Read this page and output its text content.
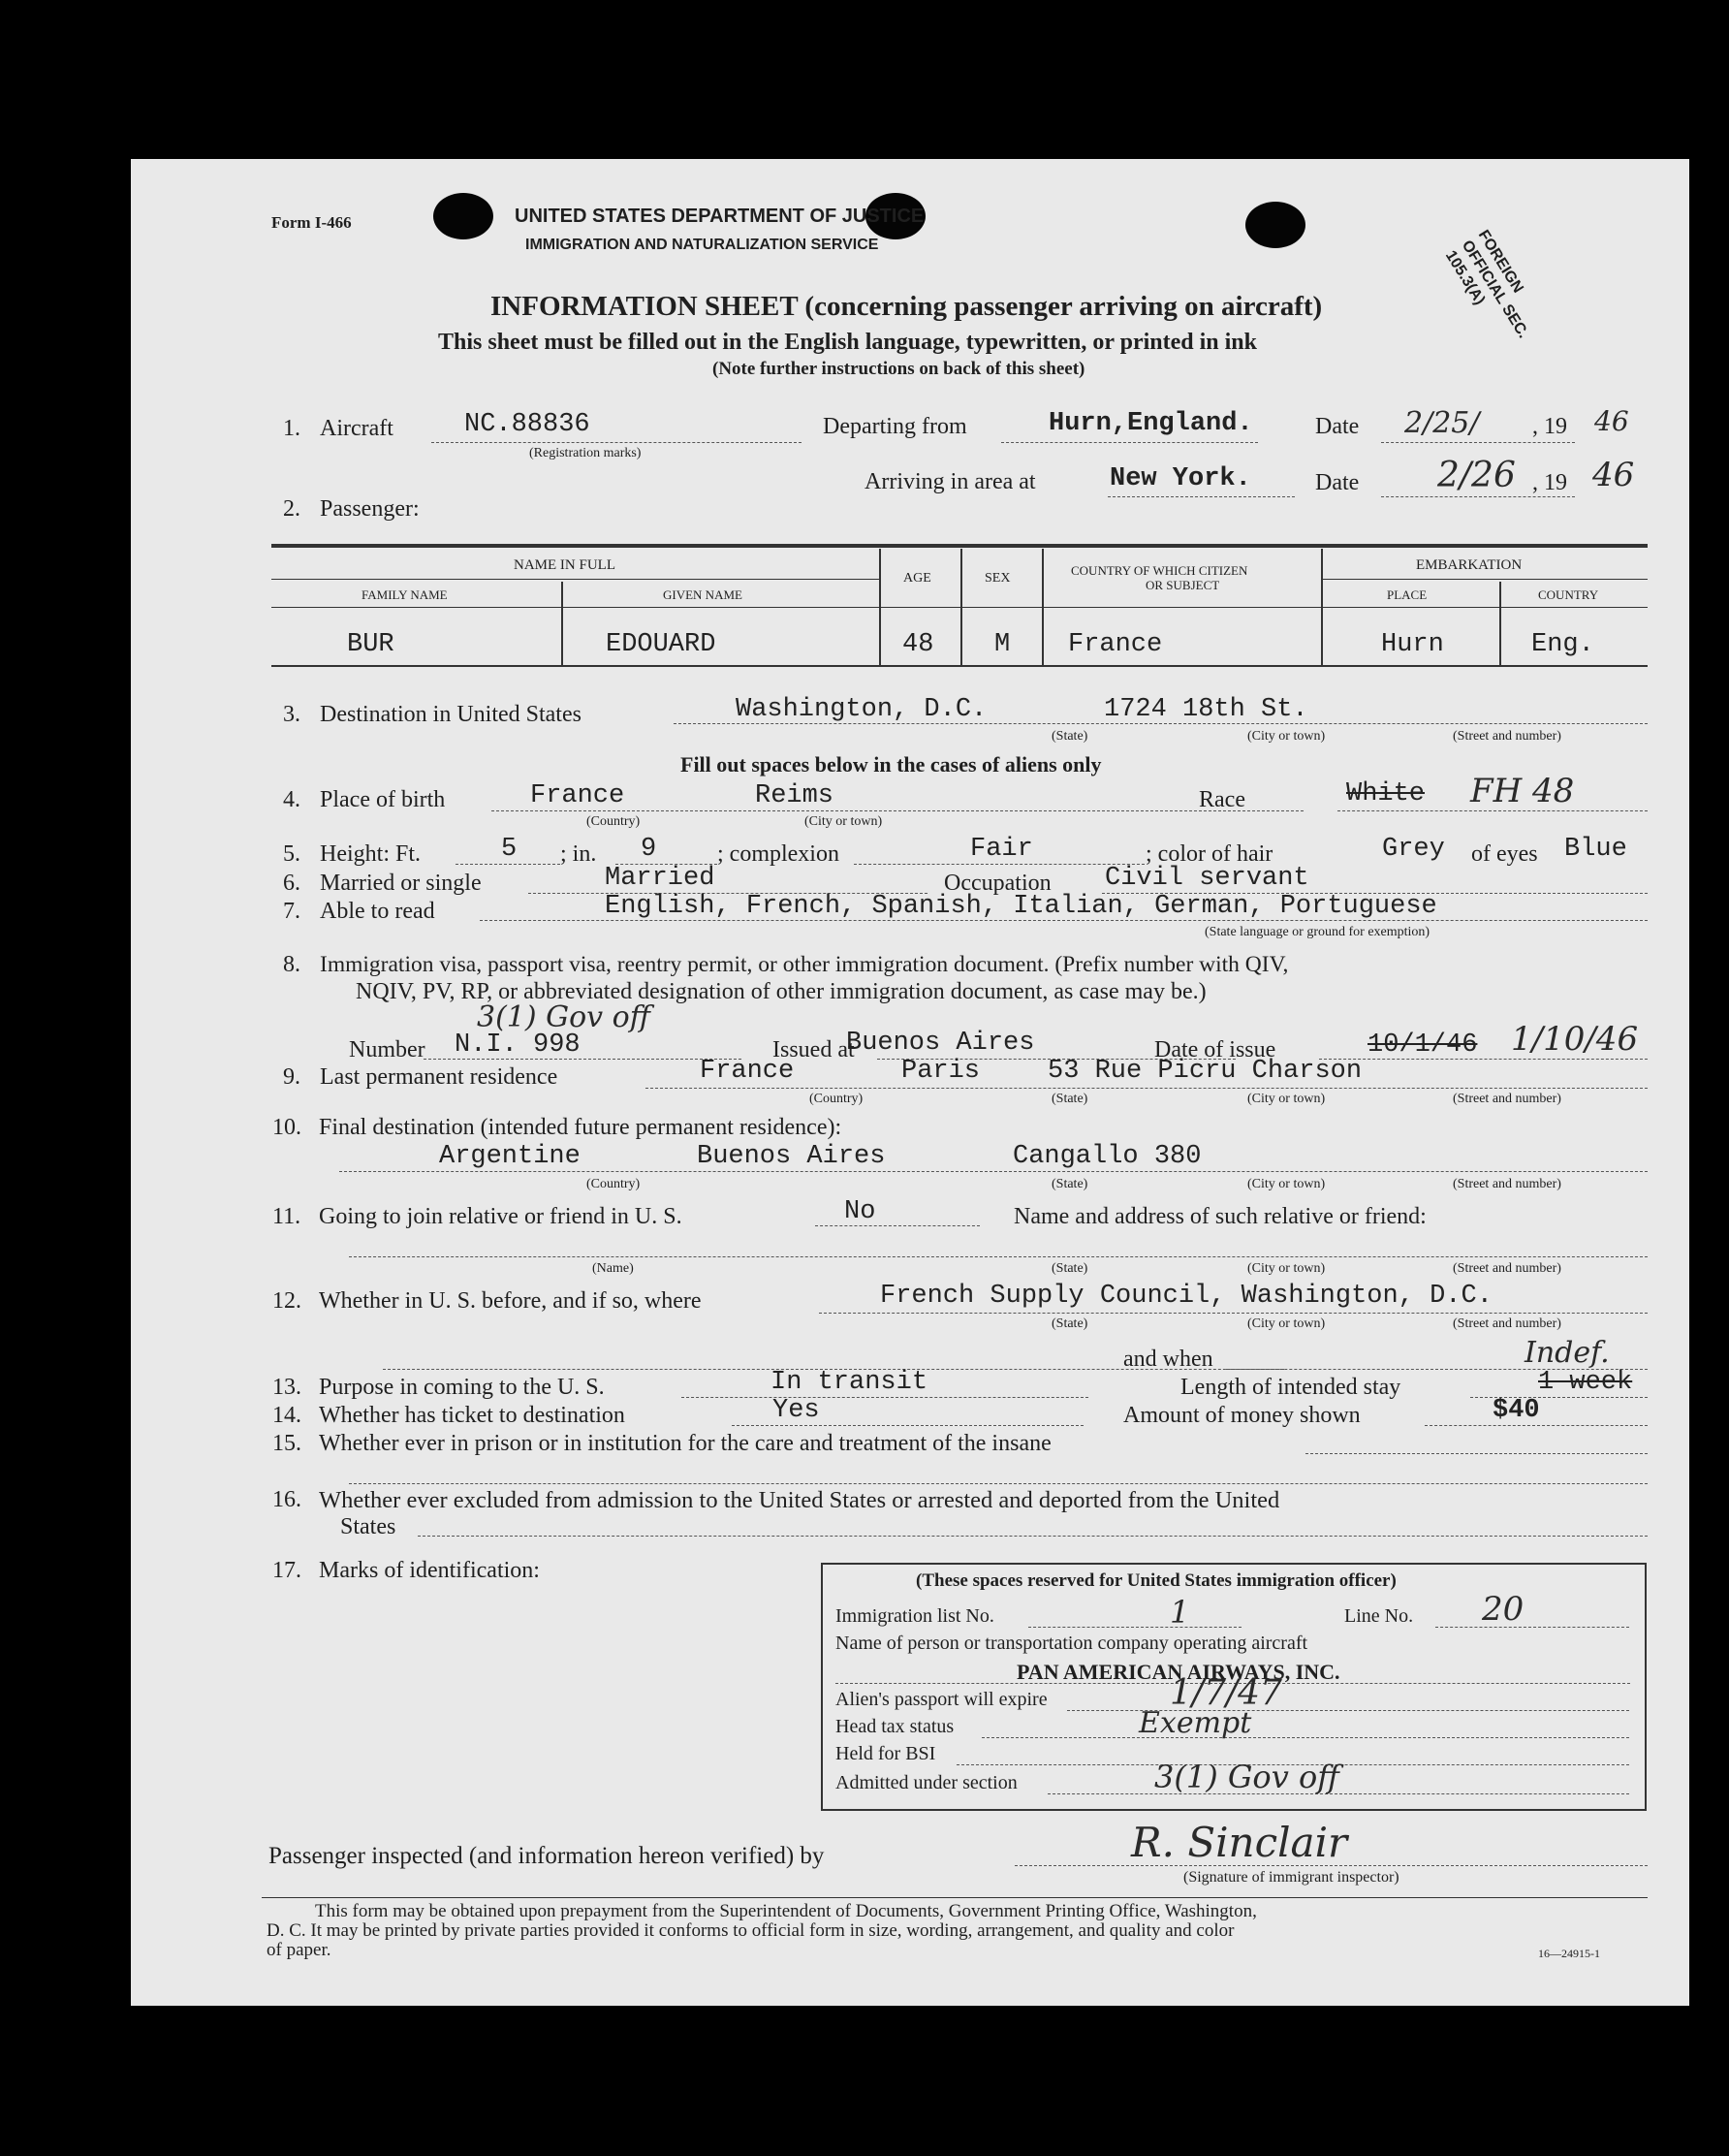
Form I-466	UNITED STATES DEPARTMENT OF JUSTICE
IMMIGRATION AND NATURALIZATION SERVICE
INFORMATION SHEET (concerning passenger arriving on aircraft)
This sheet must be filled out in the English language, typewritten, or printed in ink
(Note further instructions on back of this sheet)
FOREIGN OFFICIAL SEC. 105.3(A)
1. Aircraft	NC.88836
(Registration marks)
Departing from	Hurn,England.	Date 2/25/ , 19 46
Arriving in area at	New York.	Date 2/26 , 19 46
2. Passenger:
NAME IN FULL
FAMILY NAME	GIVEN NAME
AGE	SEX
COUNTRY OF WHICH CITIZEN
OR SUBJECT
EMBARKATION
PLACE	COUNTRY
BUR	EDOUARD	48 M France	Hurn	Eng.
3. Destination in United States	Washington, D.C.	1724 18th St.
(State)	(City or town)	(Street and number)
Fill out spaces below in the cases of aliens only
4. Place of birth	France	Reims
(Country)	(City or town)
Race	White FH 48
5. Height: Ft.	5 ; in. 9	; complexion	Fair	; color of hair	Grey of eyes Blue
6. Married or single	Married	Occupation Civil servant
7. Able to read	English, French, Spanish, Italian, German, Portuguese
(State language or ground for exemption)
8. Immigration visa, passport visa, reentry permit, or other immigration document. (Prefix number with QIV,
NQIV, PV, RP, or abbreviated designation of other immigration document, as case may be.)
3(1) Gov off
Number N.I. 998	Issued at
Buenos Aires	Date of issue	10/1/46 1/10/46
9. Last permanent residence	France	Paris	53 Rue Picru Charson
(Country)	(State)	(City or town)	(Street and number)
10. Final destination (intended future permanent residence):
Argentine	Buenos Aires	Cangallo 380
(Country)	(State)	(City or town)	(Street and number)
11. Going to join relative or friend in U. S.	No	Name and address of such relative or friend:
(Name)	(State)	(City or town)	(Street and number)
12. Whether in U. S. before, and if so, where	French Supply Council, Washington, D.C.
(State)	(City or town)	(Street and number)
and when
13. Purpose in coming to the U. S.	In transit	Length of intended stay	1 week
Indef.
14. Whether has ticket to destination	Yes	Amount of money shown	$40
15. Whether ever in prison or in institution for the care and treatment of the insane
16. Whether ever excluded from admission to the United States or arrested and deported from the United
States
17. Marks of identification:	(These spaces reserved for United States immigration officer)
Immigration list No.	1	Line No. 20
Name of person or transportation company operating aircraft
PAN AMERICAN AIRWAYS, INC.
Alien's passport will expire	1/7/47
Head tax status	Exempt
Held for BSI
Admitted under section	3(1) Gov off
Passenger inspected (and information hereon verified) by	R. Sinclair
(Signature of immigrant inspector)
This form may be obtained upon prepayment from the Superintendent of Documents, Government Printing Office, Washington,
D. C. It may be printed by private parties provided it conforms to official form in size, wording, arrangement, and quality and color
of paper.	16—24915-1
